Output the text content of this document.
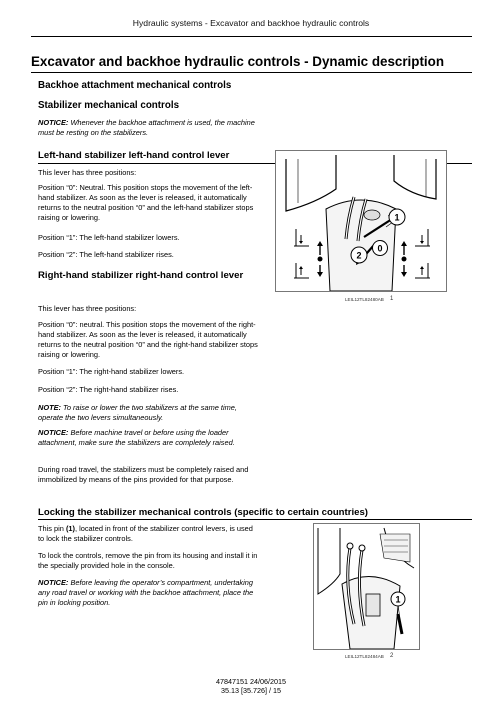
Hydraulic systems - Excavator and backhoe hydraulic controls
Excavator and backhoe hydraulic controls - Dynamic description
Backhoe attachment mechanical controls
Stabilizer mechanical controls
NOTICE: Whenever the backhoe attachment is used, the machine must be resting on the stabilizers.
Left-hand stabilizer left-hand control lever
This lever has three positions:
Position “0”: Neutral. This position stops the movement of the left-hand stabilizer. As soon as the lever is released, it automatically returns to the neutral position “0” and the left-hand stabilizer stops raising or lowering.
Position “1”: The left-hand stabilizer lowers.
Position “2”: The left-hand stabilizer rises.
Right-hand stabilizer right-hand control lever
This lever has three positions:
Position “0”: neutral. This position stops the movement of the right-hand stabilizer. As soon as the lever is released, it automatically returns to the neutral position “0” and the right-hand stabilizer stops raising or lowering.
Position “1”: The right-hand stabilizer lowers.
Position “2”: The right-hand stabilizer rises.
NOTE: To raise or lower the two stabilizers at the same time, operate the two levers simultaneously.
NOTICE: Before machine travel or before using the loader attachment, make sure the stabilizers are completely raised.
During road travel, the stabilizers must be completely raised and immobilized by means of the pins provided for that purpose.
1
0
2
LEIL12TL82480AB 1
Locking the stabilizer mechanical controls (specific to certain countries)
This pin (1), located in front of the stabilizer control levers, is used to lock the stabilizer controls.
To lock the controls, remove the pin from its housing and install it in the specially provided hole in the console.
NOTICE: Before leaving the operator’s compartment, undertaking any road travel or working with the backhoe attachment, place the pin in locking position.	1
LEIL12TL82484AB 2
47847151 24/06/2015
35.13 [35.726] / 15
